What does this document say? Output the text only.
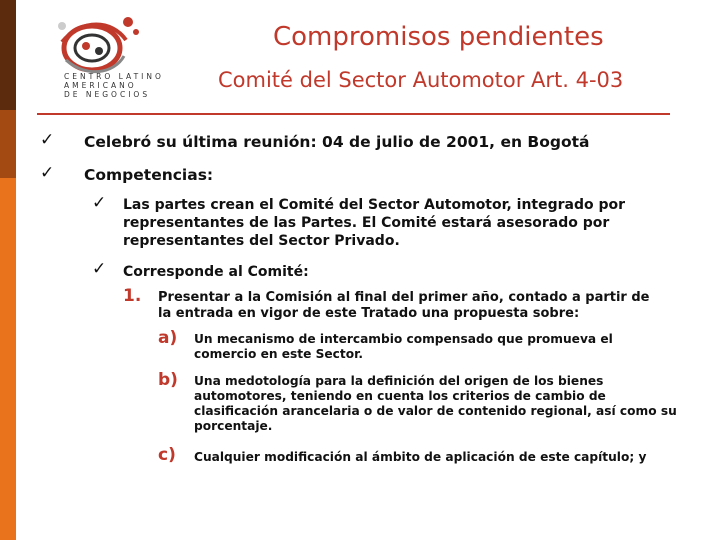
CENTRO LATINO
AMERICANO
DE NEGOCIOS
Compromisos pendientes
Comité del Sector Automotor Art. 4-03
✓ Celebró su última reunión: 04 de julio de 2001, en Bogotá
✓ Competencias:
✓ Las partes crean el Comité del Sector Automotor, integrado por representantes de las Partes. El Comité estará asesorado por representantes del Sector Privado.
✓ Corresponde al Comité:
1. Presentar a la Comisión al final del primer año, contado a partir de la entrada en vigor de este Tratado una propuesta sobre:
a) Un mecanismo de intercambio compensado que promueva el comercio en este Sector.
b) Una medotología para la definición del origen de los bienes automotores, teniendo en cuenta los criterios de cambio de clasificación arancelaria o de valor de contenido regional, así como su porcentaje.
c) Cualquier modificación al ámbito de aplicación de este capítulo; y
